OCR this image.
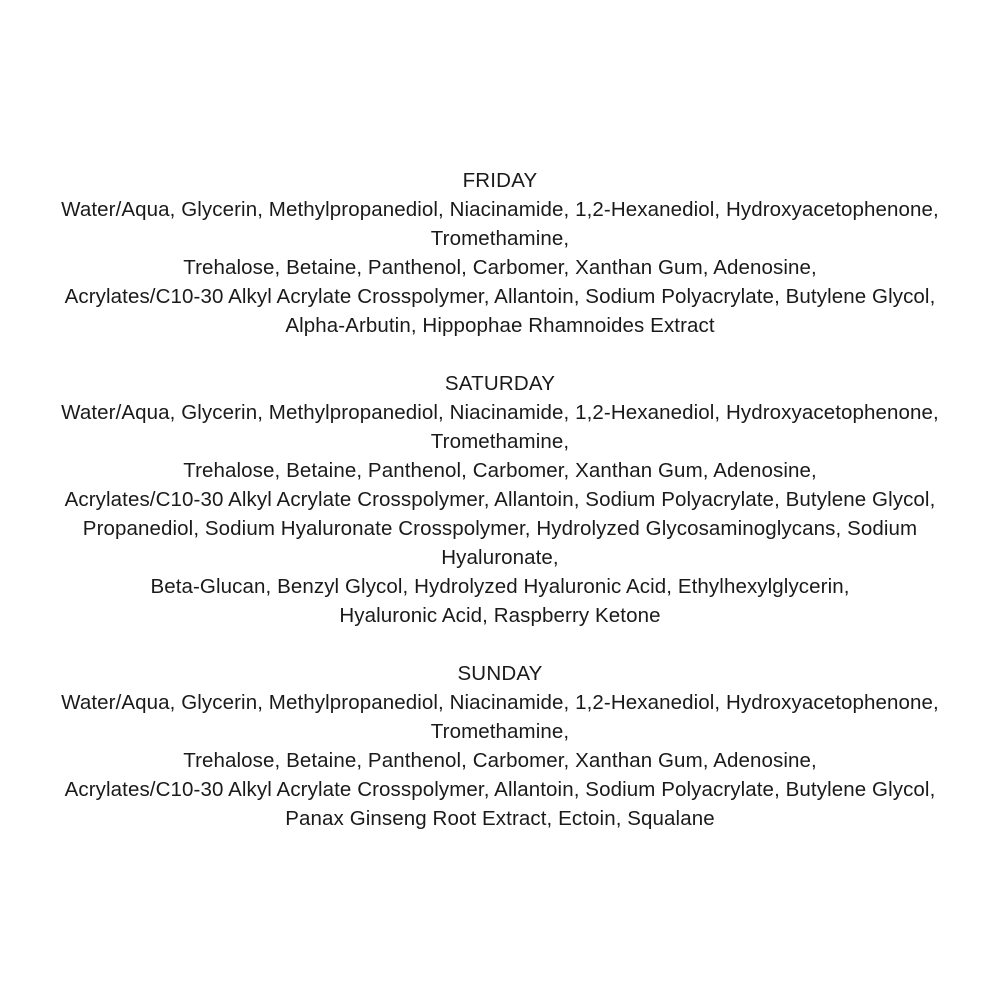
FRIDAY
Water/Aqua, Glycerin, Methylpropanediol, Niacinamide, 1,2-Hexanediol, Hydroxyacetophenone,
Tromethamine,
Trehalose, Betaine, Panthenol, Carbomer, Xanthan Gum, Adenosine,
Acrylates/C10-30 Alkyl Acrylate Crosspolymer, Allantoin, Sodium Polyacrylate, Butylene Glycol,
Alpha-Arbutin, Hippophae Rhamnoides Extract
SATURDAY
Water/Aqua, Glycerin, Methylpropanediol, Niacinamide, 1,2-Hexanediol, Hydroxyacetophenone,
Tromethamine,
Trehalose, Betaine, Panthenol, Carbomer, Xanthan Gum, Adenosine,
Acrylates/C10-30 Alkyl Acrylate Crosspolymer, Allantoin, Sodium Polyacrylate, Butylene Glycol,
Propanediol, Sodium Hyaluronate Crosspolymer, Hydrolyzed Glycosaminoglycans, Sodium
Hyaluronate,
Beta-Glucan, Benzyl Glycol, Hydrolyzed Hyaluronic Acid, Ethylhexylglycerin,
Hyaluronic Acid, Raspberry Ketone
SUNDAY
Water/Aqua, Glycerin, Methylpropanediol, Niacinamide, 1,2-Hexanediol, Hydroxyacetophenone,
Tromethamine,
Trehalose, Betaine, Panthenol, Carbomer, Xanthan Gum, Adenosine,
Acrylates/C10-30 Alkyl Acrylate Crosspolymer, Allantoin, Sodium Polyacrylate, Butylene Glycol,
Panax Ginseng Root Extract, Ectoin, Squalane
